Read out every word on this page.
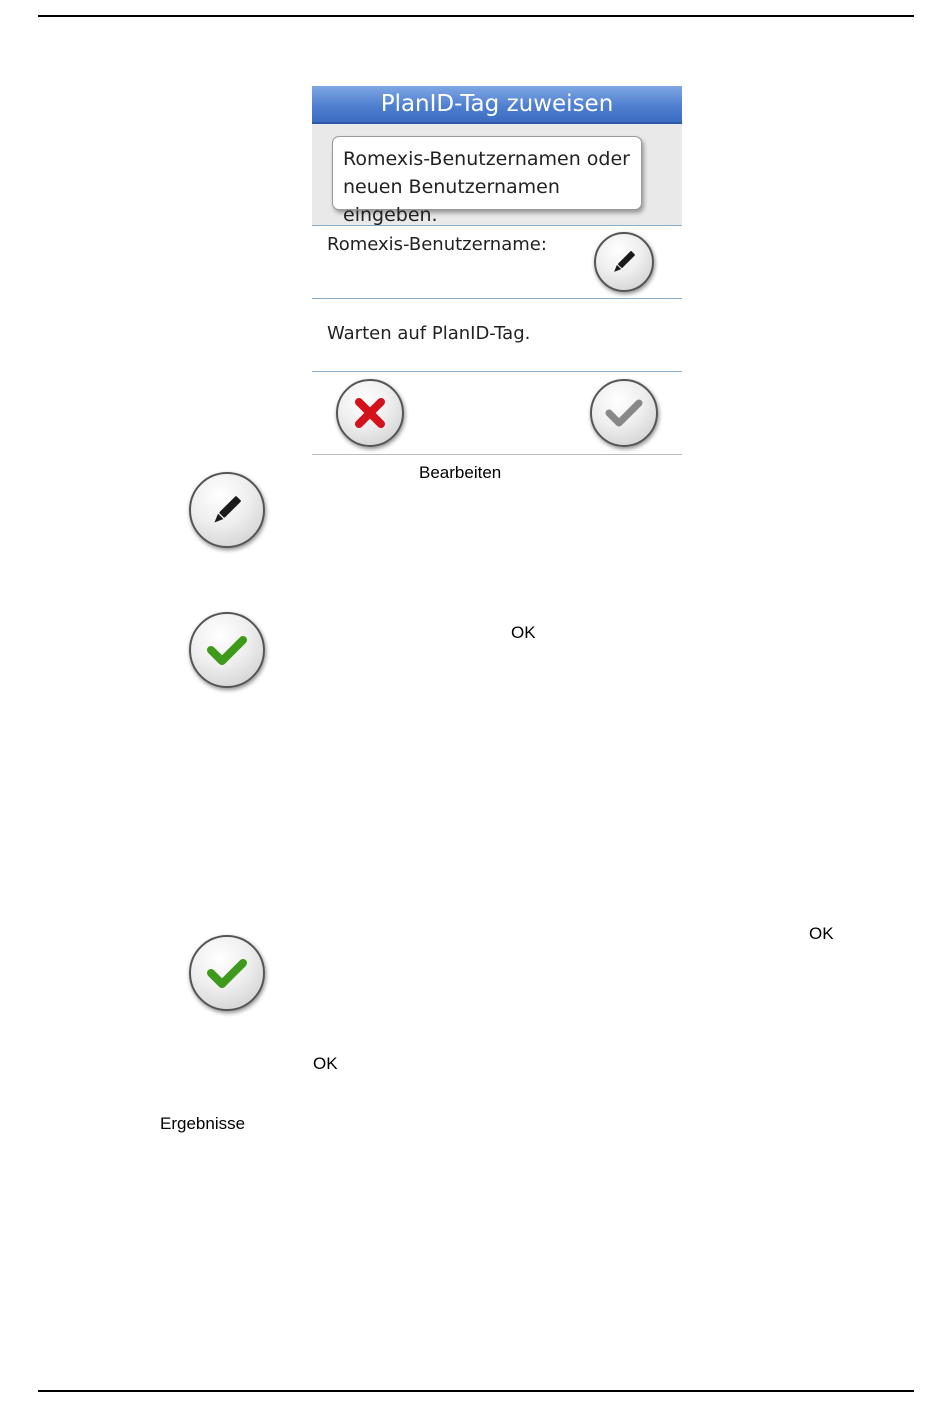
PlanID-Tag zuweisen
Romexis-Benutzernamen oder
neuen Benutzernamen eingeben.
Romexis-Benutzername:
Warten auf PlanID-Tag.
Bearbeiten
OK
OK
OK
Ergebnisse
